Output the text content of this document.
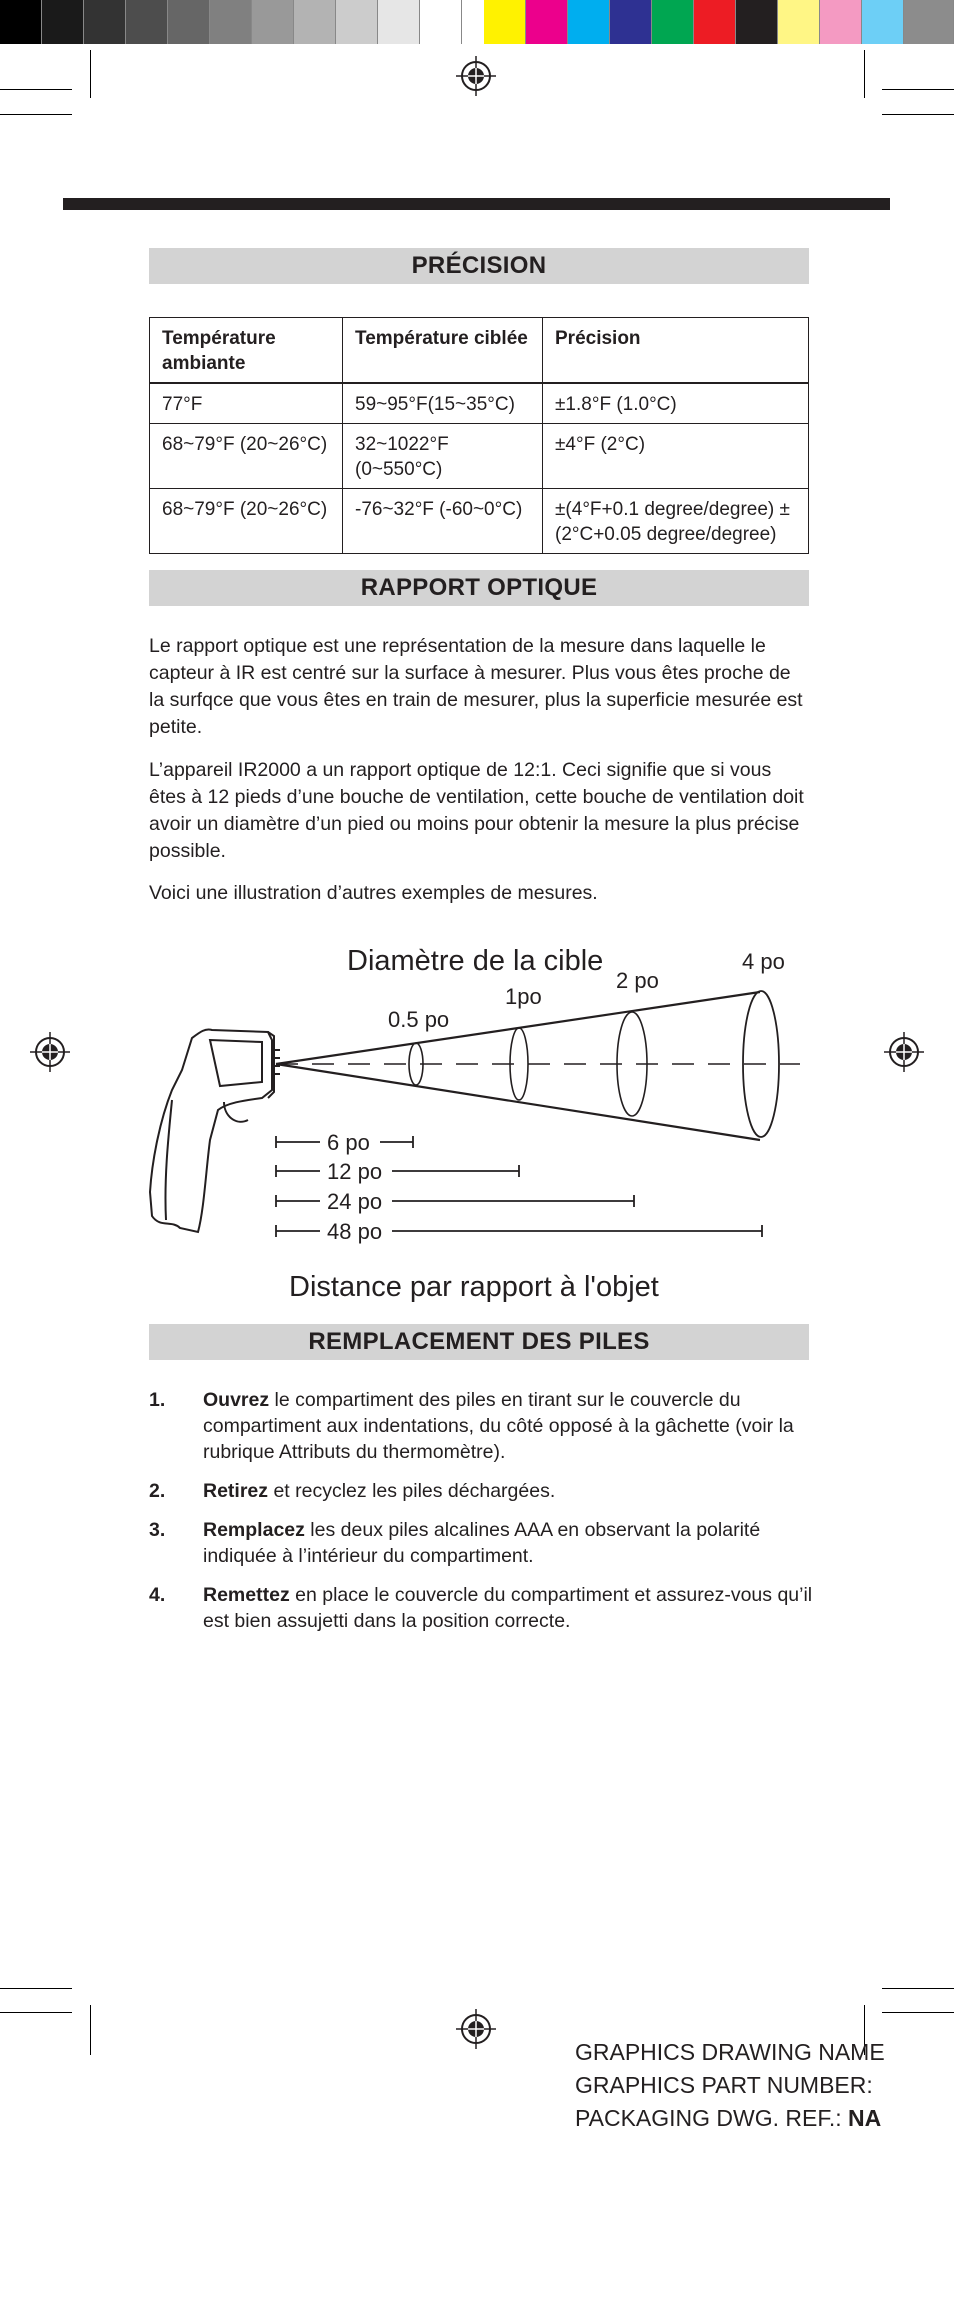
PRÉCISION
Température ambiante	Température ciblée	Précision
77°F	59~95°F(15~35°C)	±1.8°F (1.0°C)
68~79°F (20~26°C)	32~1022°F (0~550°C)	±4°F (2°C)
68~79°F (20~26°C)	-76~32°F (-60~0°C)	±(4°F+0.1 degree/degree) ±(2°C+0.05 degree/degree)
RAPPORT OPTIQUE

Le rapport optique est une représentation de la mesure dans laquelle le capteur à IR est centré sur la surface à mesurer. Plus vous êtes proche de la surfqce que vous êtes en train de mesurer, plus la superficie mesurée est petite.

L’appareil IR2000 a un rapport optique de 12:1. Ceci signifie que si vous êtes à 12 pieds d’une bouche de ventilation, cette bouche de ventilation doit avoir un diamètre d’un pied ou moins pour obtenir la mesure la plus précise possible.

Voici une illustration d’autres exemples de mesures.

Diamètre de la cible
0.5 po
1po
2 po
4 po
6 po
12 po
24 po
48 po
Distance par rapport à l'objet
REMPLACEMENT DES PILES
1. Ouvrez le compartiment des piles en tirant sur le couvercle du compartiment aux indentations, du côté opposé à la gâchette (voir la rubrique Attributs du thermomètre).
2. Retirez et recyclez les piles déchargées.
3. Remplacez les deux piles alcalines AAA en observant la polarité indiquée à l’intérieur du compartiment.
4. Remettez en place le couvercle du compartiment et assurez-vous qu’il est bien assujetti dans la position correcte.
GRAPHICS DRAWING NAME
GRAPHICS PART NUMBER:
PACKAGING DWG. REF.: NA
